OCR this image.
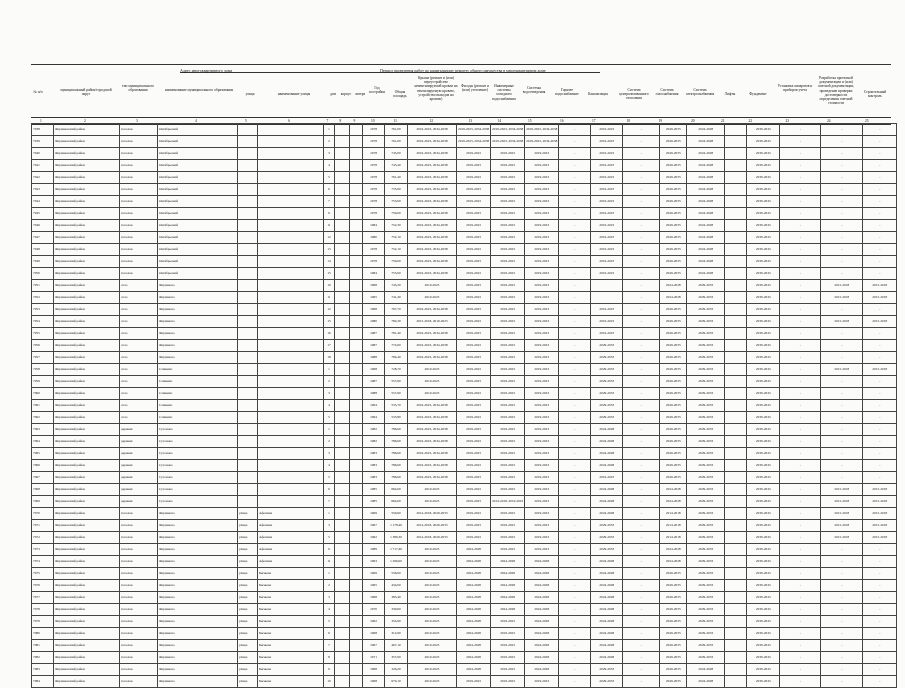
Адрес многоквартирного дома	Период проведения работ по капитальному ремонту общего имущества в многоквартирном доме
№ п/п	муниципальный район/городской округ
тип муниципального образования	наименование муниципального образования
улица	наименование улицы	дом	корпус	литера
Год постройки	Общая площадь
Крыша (ремонт и (или) переустройство невентилируемой кровли на вентилируемую кровлю, устройство выходов на кровлю)
Фасады (ремонт и (или) утепление)
Инженерные системы холодного водоснабжения
Системы водоотведения
Горячее водоснабжение	Канализация
Система централизованного отопления
Система газоснабжения
Система электроснабжения	Лифты	Фундамент
Установка аппаратов и приборов учета
Разработка проектной документации и (или) сметной документации, проведение проверки достоверности определения сметной стоимости
Строительный контроль
1	2	3	4	5	6	7	8	9	10	11	12	13	14	15	16	17	18	19	20	21	22	23	24	25
7038	Ферзиковский район	поселок	Октябрьский			1			1978	761,00	2019-2023, 2034-2038	2019-2023, 2034-2038	2019-2023, 2034-2038	2019-2023, 2034-2038	-	2019-2023	-	2029-2033	2024-2028		2039-2043	-	-	-
7039	Ферзиковский район	поселок	Октябрьский			2			1978	761,00	2019-2023, 2034-2038	2019-2023, 2034-2038	2019-2023, 2034-2038	2019-2023, 2034-2038	-	2019-2023	-	2029-2033	2024-2028		2039-2043	-	-	-
7040	Ферзиковский район	поселок	Октябрьский			3			1978	745,00	2019-2023, 2034-2038	2019-2023	2019-2023	2019-2023	-	2019-2023	-	2029-2033	2024-2028		2039-2043	-	-	-
7041	Ферзиковский район	поселок	Октябрьский			4			1978	745,40	2019-2023, 2034-2038	2019-2023	2019-2023	2019-2023	-	2019-2023	-	2029-2033	2024-2028		2039-2043	-	-	-
7042	Ферзиковский район	поселок	Октябрьский			5			1978	761,40	2019-2023, 2034-2038	2019-2023	2019-2023	2019-2023	-	2019-2023	-	2029-2033	2024-2028		2039-2043	-	-	-
7043	Ферзиковский район	поселок	Октябрьский			6			1978	735,00	2019-2023, 2034-2038	2019-2023	2019-2023	2019-2023	-	2019-2023	-	2029-2033	2024-2028		2039-2043	-	-	-
7044	Ферзиковский район	поселок	Октябрьский			7			1978	753,00	2019-2023, 2034-2038	2019-2023	2019-2023	2019-2023	-	2019-2023	-	2029-2033	2024-2028		2039-2043	-	-	-
7045	Ферзиковский район	поселок	Октябрьский			9			1978	759,00	2019-2023, 2034-2038	2019-2023	2019-2023	2019-2023	-	2019-2023	-	2029-2033	2024-2028		2039-2043	-	-	-
7046	Ферзиковский район	поселок	Октябрьский			11			1984	752,30	2019-2023, 2034-2038	2019-2023	2019-2023	2019-2023	-	2019-2023	-	2029-2033	2024-2028		2039-2043	-	-	-
7047	Ферзиковский район	поселок	Октябрьский			12			1980	752,10	2019-2023, 2034-2038	2019-2023	2019-2023	2019-2023	-	2019-2023	-	2029-2033	2024-2028		2039-2043	-	-	-
7048	Ферзиковский район	поселок	Октябрьский			13			1978	752,10	2019-2023, 2034-2038	2019-2023	2019-2023	2019-2023	-	2019-2023	-	2029-2033	2024-2028		2039-2043	-	-	-
7049	Ферзиковский район	поселок	Октябрьский			14			1978	759,00	2019-2023, 2034-2038	2019-2023	2019-2023	2019-2023	-	2019-2023	-	2029-2033	2024-2028		2039-2043	-	-	-
7050	Ферзиковский район	поселок	Октябрьский			15			1984	755,00	2019-2023, 2034-2038	2019-2023	2019-2023	2019-2023	-	2019-2023	-	2029-2033	2024-2028		2039-2043	-	-	-
7051	Ферзиковский район	село	Ферзиково			10			1968	745,20	2019-2023	2019-2023	2019-2023	2019-2023	-		-	2024-2028	2029-2033		2039-2043	-	2015-2018	2015-2018
7052	Ферзиковский район	село	Ферзиково			11			1965	741,40	2019-2023	2019-2023	2019-2023	2019-2023	-		-	2024-2028	2029-2033		2039-2043	-	2015-2018	2015-2018
7053	Ферзиковский район	село	Ферзиково			12			1968	767,70	2019-2023, 2034-2038	2019-2023	2019-2023	2019-2023	-	2019-2023	-	2029-2033	2029-2033		2039-2043	-	-	-
7054	Ферзиковский район	село	Ферзиково			15			1980	784,30	2015-2018, 2019-2023	2019-2023	2019-2023	2019-2023	-	2019-2023	-	2029-2033	2029-2033		2039-2043	-	2015-2018	2015-2018
7055	Ферзиковский район	село	Ферзиково			16			1987	781,40	2019-2023, 2034-2038	2019-2023	2019-2023	2019-2023	-	2019-2023	-	2029-2033	2029-2033		2039-2043	-	-	-
7056	Ферзиковский район	село	Ферзиково			17			1987	774,00	2019-2023, 2034-2038	2019-2023	2019-2023	2019-2023	-	2029-2033	-	2029-2033	2029-2033		2039-2043	-	-	-
7057	Ферзиковский район	село	Ферзиково			18			1988	784,40	2019-2023, 2034-2038	2019-2023	2019-2023	2019-2023	-	2029-2033	-	2029-2033	2029-2033		2039-2043	-	-	-
7058	Ферзиковский район	село	Сашкино			1			1968	728,70	2019-2023	2019-2023	2019-2023	2019-2023	-	2029-2033	-	2029-2033	2029-2033		2039-2043	-	2015-2018	2015-2018
7059	Ферзиковский район	село	Сашкино			2			1987	557,60	2019-2023	2019-2023	2019-2023	2019-2023	-	2029-2033	-	2029-2033	2029-2033		2039-2043	-	-	-
7060	Ферзиковский район	село	Сашкино			3			1988	557,60	2019-2023	2019-2023	2019-2023	2019-2023	-	2029-2033	-	2029-2033	2029-2033		2039-2043	-	-	-
7061	Ферзиковский район	село	Сашкино			4			1994	535,70	2019-2023, 2034-2038	2019-2023	2019-2023	2019-2023	-	2029-2033	-	2029-2033	2029-2033		2039-2043	-	-	-
7062	Ферзиковский район	село	Сашкино			5			1994	533,80	2019-2023, 2034-2038	2019-2023	2019-2023	2019-2023	-	2029-2033	-	2029-2033	2029-2033		2039-2043	-	-	-
7063	Ферзиковский район	деревня	Сугоново			1			1982	786,60	2019-2023, 2034-2038	2019-2023	2019-2023	2019-2023	-	2024-2028	-	2029-2033	2029-2033		2039-2043	-	-	-
7064	Ферзиковский район	деревня	Сугоново			2			1982	786,60	2019-2023, 2034-2038	2019-2023	2019-2023	2019-2023	-	2024-2028	-	2029-2033	2029-2033		2039-2043	-	-	-
7065	Ферзиковский район	деревня	Сугоново			3			1983	786,60	2019-2023, 2034-2038	2019-2023	2019-2023	2019-2023	-	2024-2028	-	2029-2033	2029-2033		2039-2043	-	-	-
7066	Ферзиковский район	деревня	Сугоново			4			1983	786,60	2019-2023, 2034-2038	2019-2023	2019-2023	2019-2023	-	2024-2028	-	2029-2033	2029-2033		2039-2043	-	-	-
7067	Ферзиковский район	деревня	Сугоново			5			1983	786,60	2019-2023, 2034-2038	2019-2023	2019-2023	2019-2023	-	2019-2023	-	2029-2033	2029-2033		2039-2043	-	-	-
7068	Ферзиковский район	деревня	Сугоново			6			1985	664,00	2019-2023	2019-2023	2019-2023	2019-2023	-	2024-2028	-	2024-2028	2029-2033		2039-2043	-	2015-2018	2015-2018
7069	Ферзиковский район	деревня	Сугоново			7			1985	664,00	2019-2023	2019-2023	2014-2018, 2019-2023	2019-2023	-	2024-2028	-	2024-2028	2029-2033		2039-2043	-	2015-2018	2015-2018
7070	Ферзиковский район	поселок	Ферзиково	улица	Афонина	1			1969	559,60	2014-2018, 2029-2033	2019-2023	2019-2023	2019-2023	-	2024-2028	-	2014-2018	2029-2033		2039-2043	-	2015-2018	2015-2018
7071	Ферзиковский район	поселок	Ферзиково	улица	Афонина	3			1967	1 178,40	2014-2018, 2029-2033	2019-2023	2019-2023	2019-2023	-	2029-2033	-	2014-2018	2029-2033		2039-2043	-	2015-2018	2015-2018
7072	Ферзиковский район	поселок	Ферзиково	улица	Афонина	5			1962	1 386,30	2014-2018, 2029-2033	2019-2023	2019-2023	2019-2023	-	2029-2033	-	2014-2018	2029-2033		2039-2043	-	2015-2018	2015-2018
7073	Ферзиковский район	поселок	Ферзиково	улица	Афонина	9			1989	1 717,40	2019-2023	2024-2028	2019-2023	2019-2023	-	2029-2033	-	2024-2028	2029-2033		2039-2043	-	-	-
7074	Ферзиковский район	поселок	Ферзиково	улица	Афонина	11			1993	1 296,00	2019-2023	2024-2028	2024-2028	2024-2028	-	2024-2028	-	2024-2028	2029-2033		2039-2043	-	-	-
7075	Ферзиковский район	поселок	Ферзиково	улица	Бычкова	1			1969	536,00	2019-2023	2024-2028	2024-2028	2024-2028	-	2024-2028	-	2029-2033	2029-2033		2039-2043	-	-	-
7076	Ферзиковский район	поселок	Ферзиково	улица	Бычкова	2			1965	434,00	2019-2023	2024-2028	2024-2028	2024-2028	-	2024-2028	-	2029-2033	2029-2033		2039-2043	-	-	-
7077	Ферзиковский район	поселок	Ферзиково	улица	Бычкова	3			1968	383,40	2019-2023	2024-2028	2024-2028	2024-2028	-	2024-2028	-	2029-2033	2029-2033		2039-2043	-	-	-
7078	Ферзиковский район	поселок	Ферзиково	улица	Бычкова	4			1970	339,60	2019-2023	2024-2028	2024-2028	2024-2028	-	2024-2028	-	2029-2033	2029-2033		2039-2043	-	-	-
7079	Ферзиковский район	поселок	Ферзиково	улица	Бычкова	5			1962	354,90	2019-2023	2024-2028	2019-2023	2024-2028	-	2024-2028	-	2029-2033	2029-2033		2039-2043	-	-	-
7080	Ферзиковский район	поселок	Ферзиково	улица	Бычкова	6			1968	312,90	2019-2023	2024-2028	2019-2023	2024-2028	-	2024-2028	-	2029-2033	2029-2033		2039-2043	-	-	-
7081	Ферзиковский район	поселок	Ферзиково	улица	Бычкова	7			1967	467,10	2019-2023	2024-2028	2019-2023	2024-2028	-	2024-2028	-	2029-2033	2029-2033		2039-2043	-	-	-
7082	Ферзиковский район	поселок	Ферзиково	улица	Бычкова	8			1971	357,00	2019-2023	2024-2028	2019-2023	2024-2028	-	2024-2028	-	2029-2033	2029-2033		2039-2043	-	-	-
7083	Ферзиковский район	поселок	Ферзиково	улица	Бычкова	9			1968	326,20	2019-2023	2024-2028	2019-2023	2024-2028	-	2029-2033	-	2029-2033	2024-2028		2039-2043	-	-	-
7084	Ферзиковский район	поселок	Ферзиково	улица	Бычкова	10			1968	670,10	2019-2023	2019-2023	2019-2023	2019-2023	-	2029-2033	-	2029-2033	2024-2028		2039-2043	-	-	-
